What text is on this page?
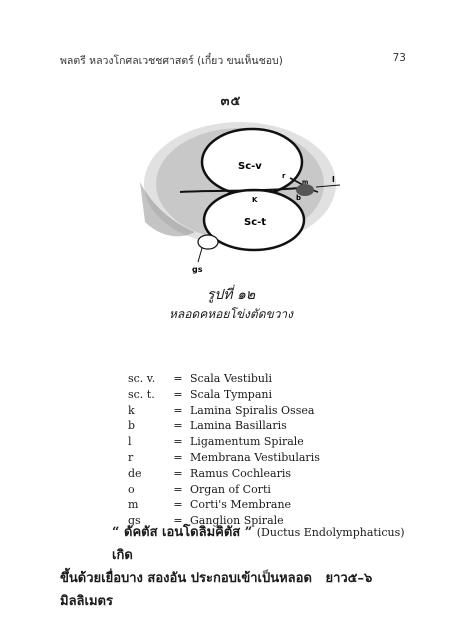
พลตรี หลวงโกศลเวชชศาสตร์ (เกี๋ยว ขนเห็นชอบ)	73
๓๕
Sc-v
Sc-t
r
b
m
K
l
gs
รูปที่ ๑๒
หลอดคหอยโข่งตัดขวาง
sc. v.	=	Scala Vestibuli
sc. t.	=	Scala Tympani
k	=	Lamina Spiralis Ossea
b	=	Lamina Basillaris
l	=	Ligamentum Spirale
r	=	Membrana Vestibularis
de	=	Ramus Cochlearis
o	=	Organ of Corti
m	=	Corti's Membrane
gs	=	Ganglion Spirale
“ ดัคตัส เอนโดลิมคิตัส ” (Ductus Endolymphaticus) เกิด
ขึ้นด้วยเยื่อบาง สองอัน ประกอบเข้าเป็นหลอด ยาว๕–๖ มิลลิเมตร
